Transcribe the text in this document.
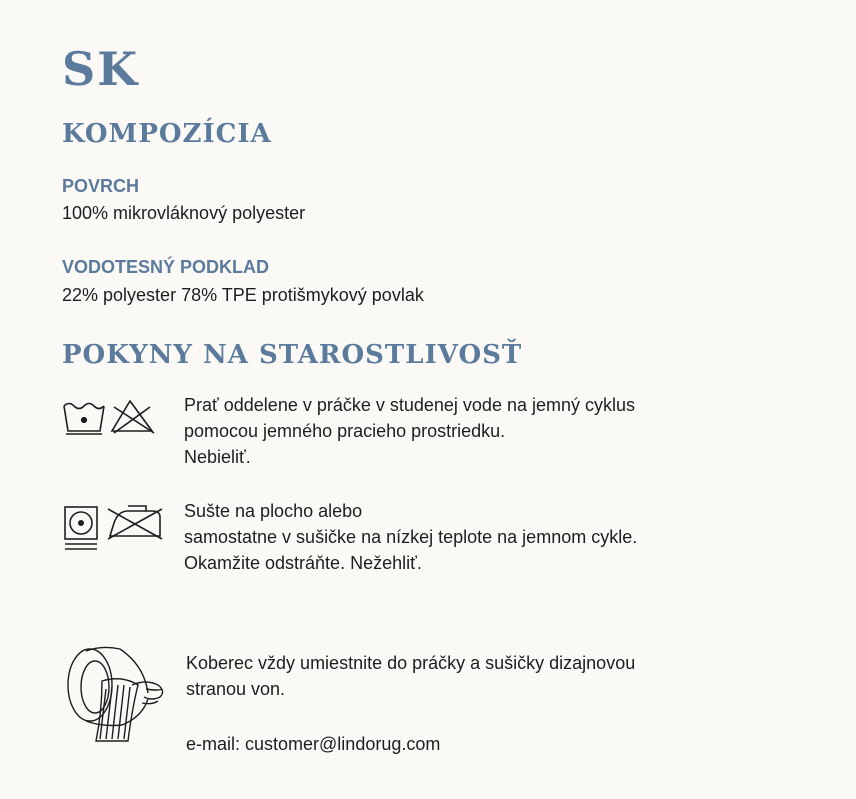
SK
KOMPOZÍCIA
POVRCH
100% mikrovláknový polyester
VODOTESNÝ PODKLAD
22% polyester 78% TPE protišmykový povlak
POKYNY NA STAROSTLIVOSŤ
Prať oddelene v práčke v studenej vode na jemný cyklus
pomocou jemného pracieho prostriedku.
Nebieliť.
Sušte na plocho alebo
samostatne v sušičke na nízkej teplote na jemnom cykle.
Okamžite odstráňte. Nežehliť.
Koberec vždy umiestnite do práčky a sušičky dizajnovou
stranou von.
e-mail: customer@lindorug.com
